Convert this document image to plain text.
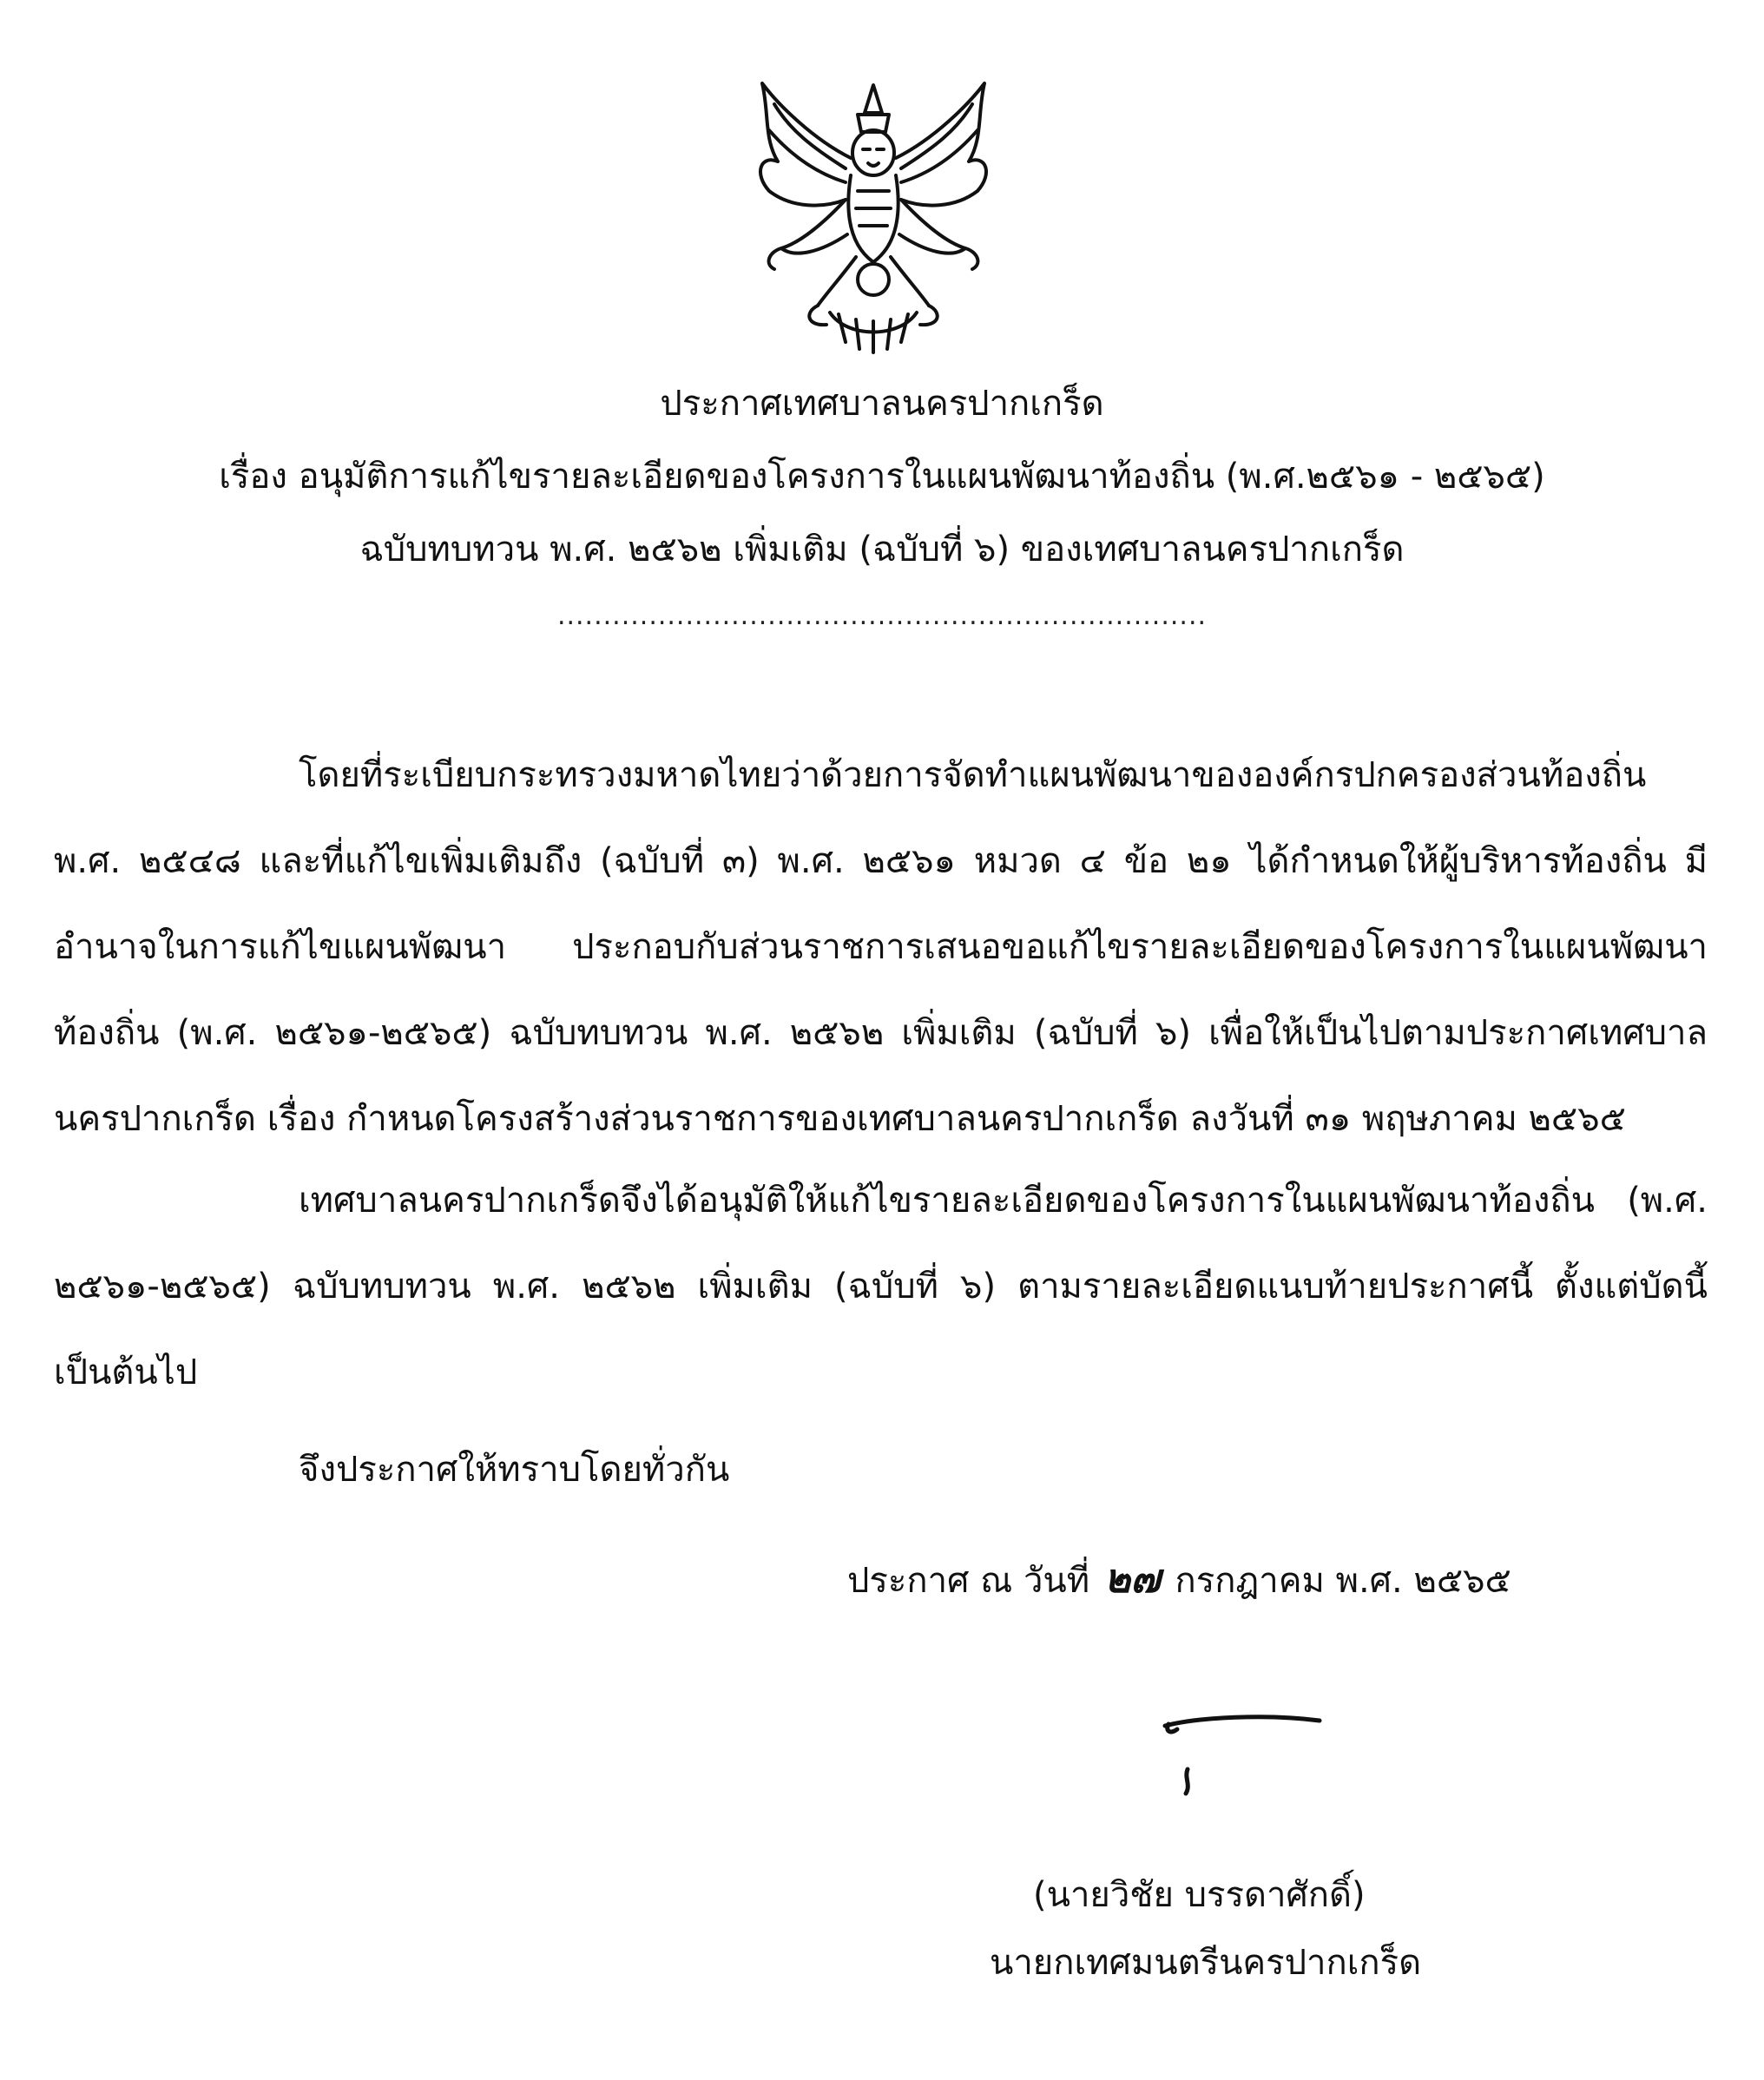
ประกาศเทศบาลนครปากเกร็ด
เรื่อง อนุมัติการแก้ไขรายละเอียดของโครงการในแผนพัฒนาท้องถิ่น (พ.ศ.๒๕๖๑ - ๒๕๖๕)
ฉบับทบทวน พ.ศ. ๒๕๖๒ เพิ่มเติม (ฉบับที่ ๖) ของเทศบาลนครปากเกร็ด
.......................................................................

โดยที่ระเบียบกระทรวงมหาดไทยว่าด้วยการจัดทำแผนพัฒนาขององค์กรปกครองส่วนท้องถิ่น พ.ศ. ๒๕๔๘ และที่แก้ไขเพิ่มเติมถึง (ฉบับที่ ๓) พ.ศ. ๒๕๖๑ หมวด ๔ ข้อ ๒๑ ได้กำหนดให้ผู้บริหารท้องถิ่น มีอำนาจในการแก้ไขแผนพัฒนา ประกอบกับส่วนราชการเสนอขอแก้ไขรายละเอียดของโครงการในแผนพัฒนา ท้องถิ่น (พ.ศ. ๒๕๖๑-๒๕๖๕) ฉบับทบทวน พ.ศ. ๒๕๖๒ เพิ่มเติม (ฉบับที่ ๖) เพื่อให้เป็นไปตามประกาศเทศบาล นครปากเกร็ด เรื่อง กำหนดโครงสร้างส่วนราชการของเทศบาลนครปากเกร็ด ลงวันที่ ๓๑ พฤษภาคม ๒๕๖๕

เทศบาลนครปากเกร็ดจึงได้อนุมัติให้แก้ไขรายละเอียดของโครงการในแผนพัฒนาท้องถิ่น (พ.ศ. ๒๕๖๑-๒๕๖๕) ฉบับทบทวน พ.ศ. ๒๕๖๒ เพิ่มเติม (ฉบับที่ ๖) ตามรายละเอียดแนบท้ายประกาศนี้ ตั้งแต่บัดนี้เป็นต้นไป

จึงประกาศให้ทราบโดยทั่วกัน
ประกาศ ณ วันที่ ๒๗ กรกฎาคม พ.ศ. ๒๕๖๕
(นายวิชัย บรรดาศักดิ์)
นายกเทศมนตรีนครปากเกร็ด
